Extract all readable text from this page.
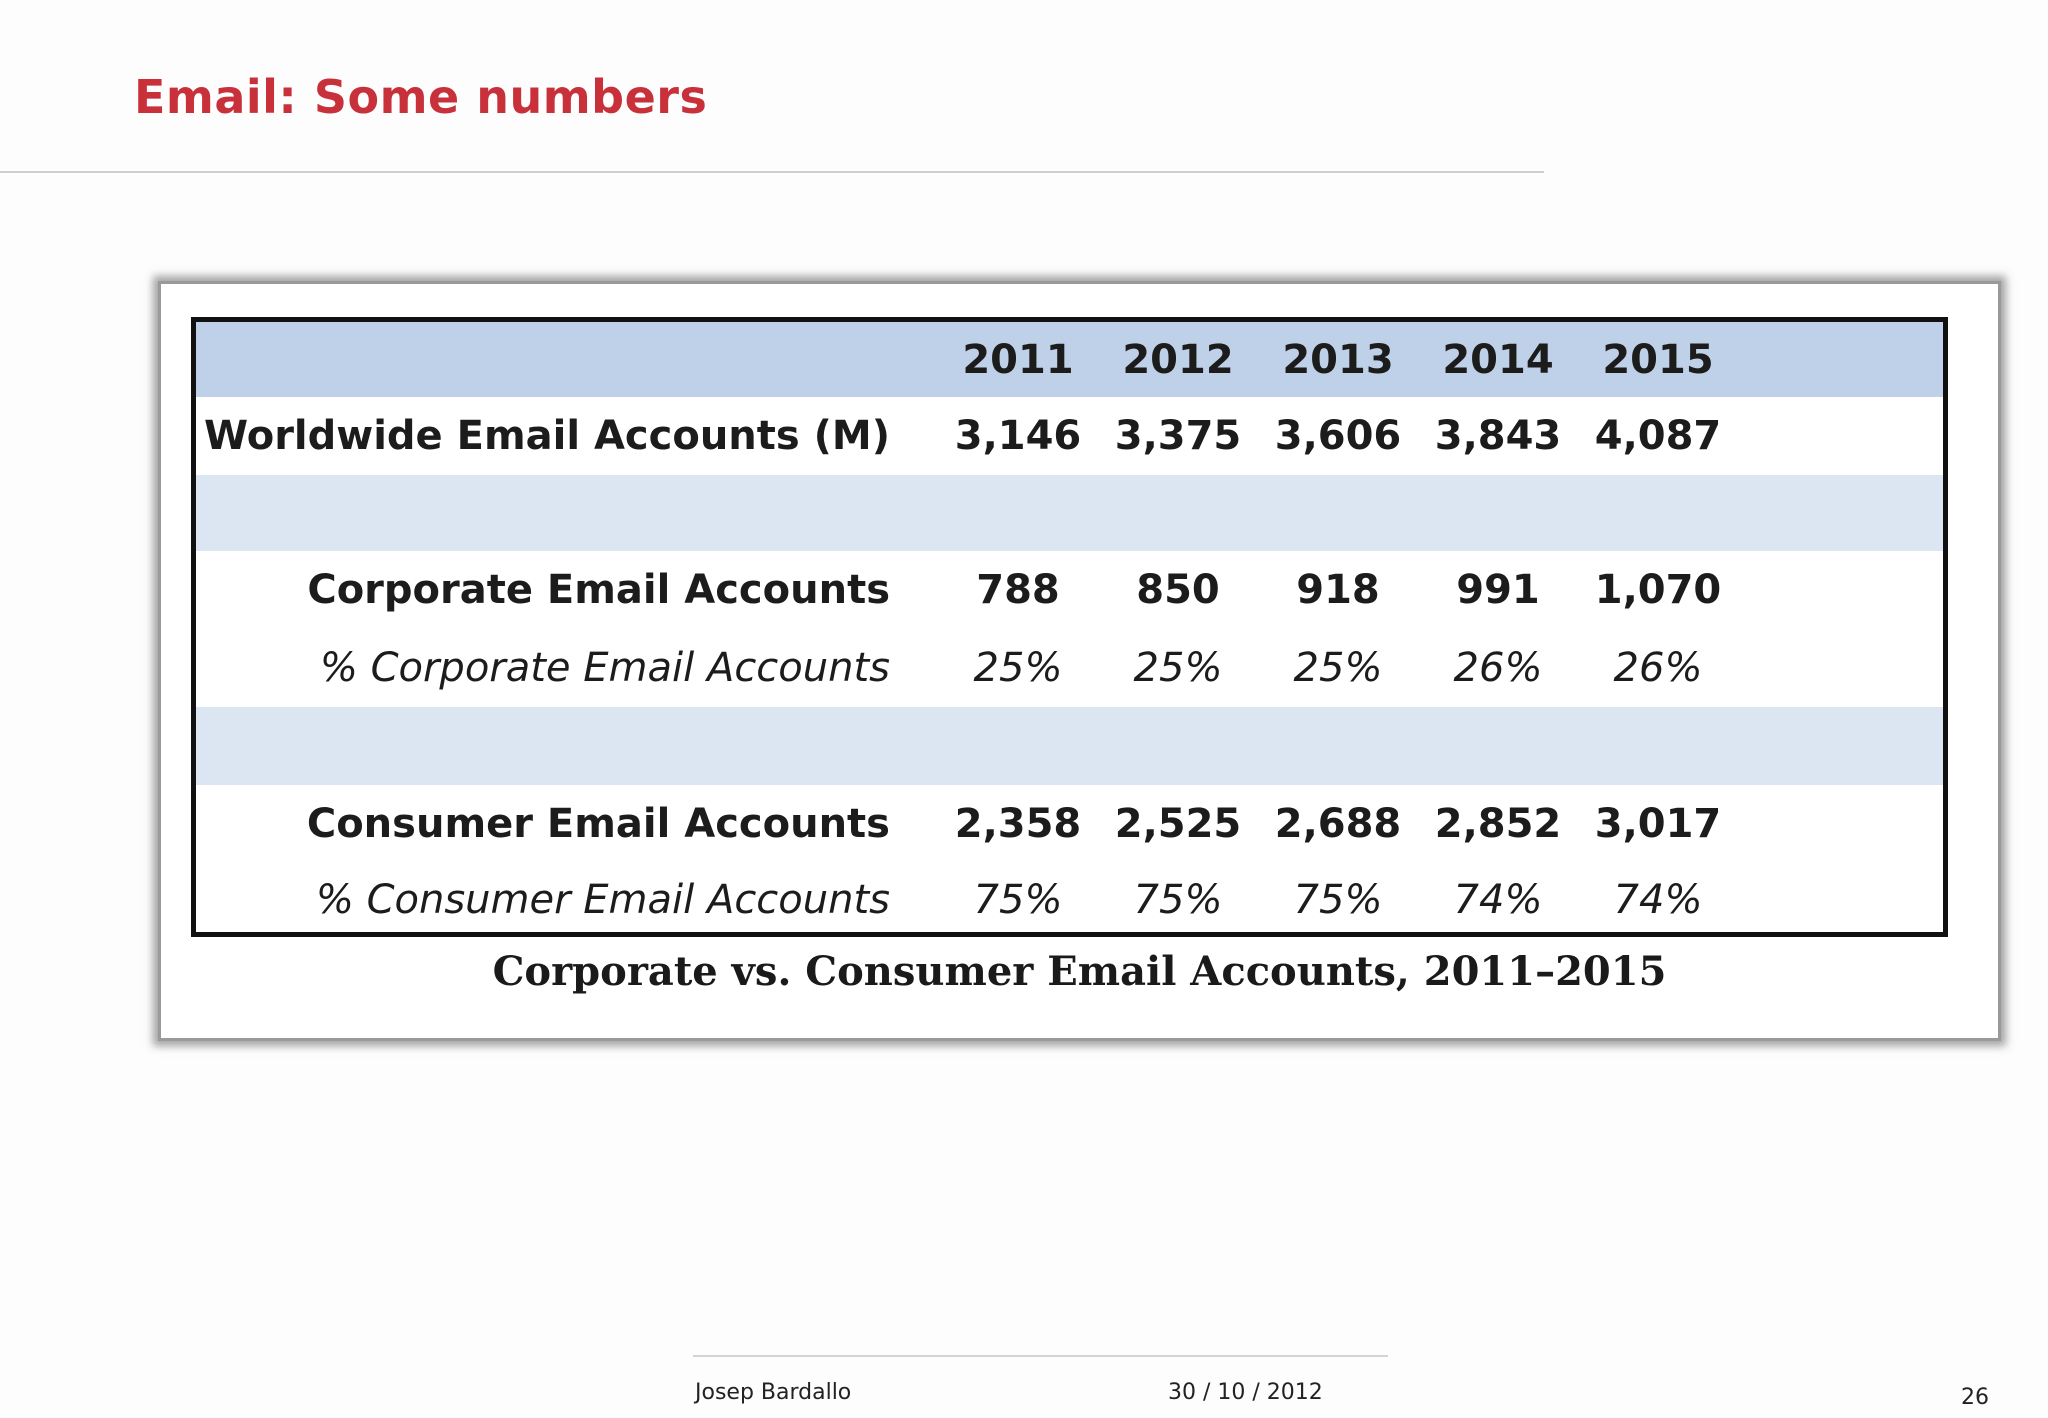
Email: Some numbers
2011	2012	2013	2014	2015
Worldwide Email Accounts (M)	3,146 3,375 3,606 3,843 4,087
Corporate Email Accounts	788	850	918	991	1,070
% Corporate Email Accounts	25%	25%	25%	26%	26%
Consumer Email Accounts	2,358 2,525 2,688 2,852 3,017
% Consumer Email Accounts	75%	75%	75%	74%	74%
Corporate vs. Consumer Email Accounts, 2011–2015
Josep Bardallo	30 / 10 / 2012	26
